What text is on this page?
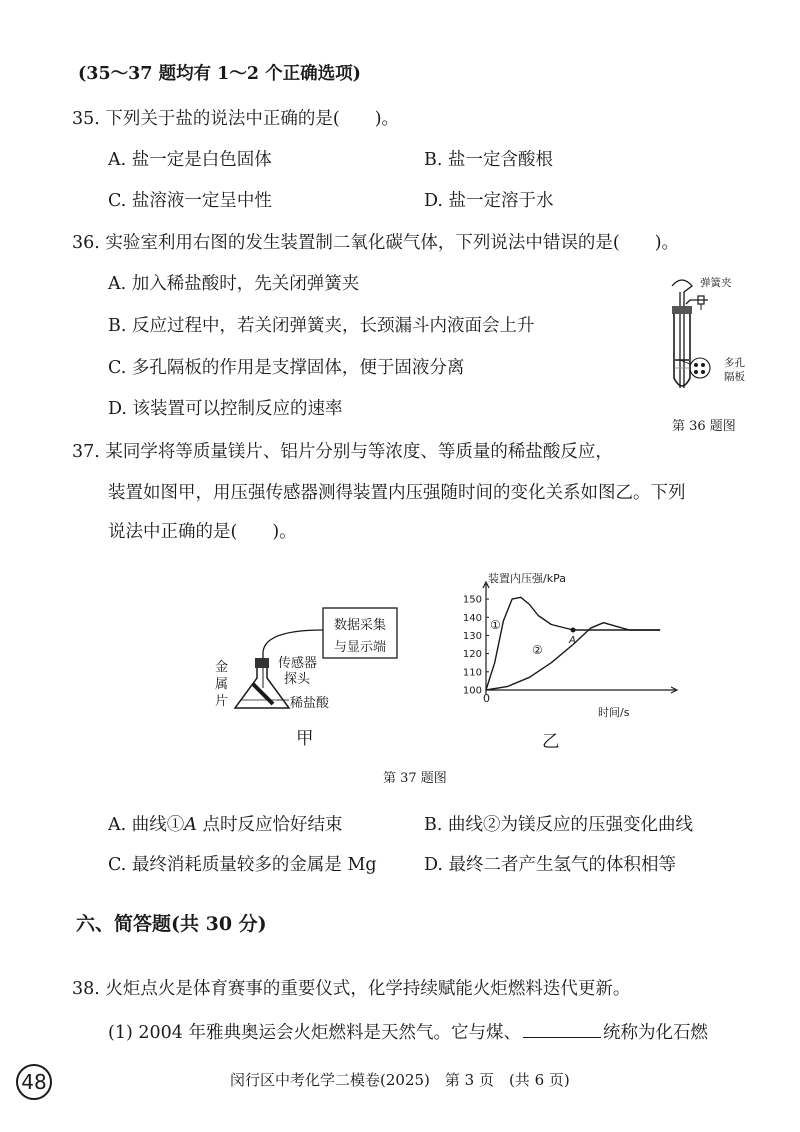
(35～37 题均有 1～2 个正确选项)
35. 下列关于盐的说法中正确的是(　　)。
A. 盐一定是白色固体	B. 盐一定含酸根
C. 盐溶液一定呈中性	D. 盐一定溶于水
36. 实验室利用右图的发生装置制二氧化碳气体，下列说法中错误的是(　　)。
A. 加入稀盐酸时，先关闭弹簧夹
B. 反应过程中，若关闭弹簧夹，长颈漏斗内液面会上升
C. 多孔隔板的作用是支撑固体，便于固液分离
D. 该装置可以控制反应的速率
弹簧夹
多孔
隔板
第 36 题图
37. 某同学将等质量镁片、铝片分别与等浓度、等质量的稀盐酸反应，
装置如图甲，用压强传感器测得装置内压强随时间的变化关系如图乙。下列
说法中正确的是(　　)。
数据采集
与显示端
传感器
探头
金
属
片	稀盐酸
甲
装置内压强/kPa
时间/s
0
100
110
120
130
140
150
①
②
A
乙
第 37 题图
A. 曲线①A 点时反应恰好结束	B. 曲线②为镁反应的压强变化曲线
C. 最终消耗质量较多的金属是 Mg	D. 最终二者产生氢气的体积相等
六、简答题(共 30 分)
38. 火炬点火是体育赛事的重要仪式，化学持续赋能火炬燃料迭代更新。
(1) 2004 年雅典奥运会火炬燃料是天然气。它与煤、	统称为化石燃
48	闵行区中考化学二模卷(2025)　第 3 页　(共 6 页)
